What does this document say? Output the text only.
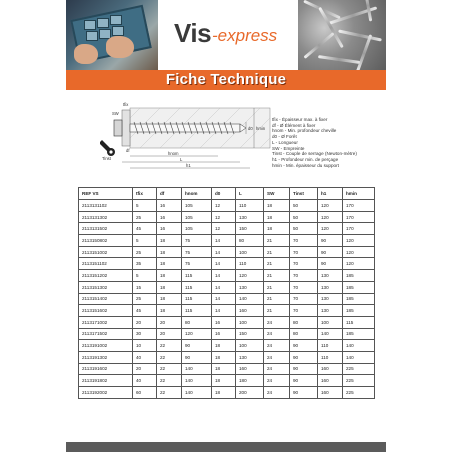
Vis -express
Fiche Technique
SW
Tinst
tfix
df
d0
L
hnom
h1
hmin
tfix - Épaisseur max. à fixer
df - Ø Élément à fixer
hnom - Min. profondeur cheville
d0 - Ø Forêt
L - Longueur
SW - Empreinte
Tinst - Couple de serrage (Newton-mètre)
h1 - Profondeur min. de perçage
hmin - Min. épaisseur du support
REF VS	tfix	df	hnom	d0	L	SW	Tinst	h1	hmin
2113131102	5	16	105	12	110	18	50	120	170
2113131302	25	16	105	12	130	18	50	120	170
2113131502	45	16	105	12	150	18	50	120	170
2113150802	5	18	75	14	80	21	70	90	120
2113151002	25	18	75	14	100	21	70	90	120
2113151102	35	18	75	14	110	21	70	90	120
2113151202	5	18	115	14	120	21	70	130	185
2113151302	15	18	115	14	130	21	70	130	185
2113151402	25	18	115	14	140	21	70	130	185
2113151602	45	18	115	14	160	21	70	130	185
2113171002	20	20	80	16	100	24	80	100	115
2113171502	30	20	120	16	150	24	80	140	185
2113191002	10	22	90	18	100	24	90	110	140
2113191302	40	22	90	18	130	24	90	110	140
2113191602	20	22	140	18	160	24	90	160	225
2113191802	40	22	140	18	180	24	90	160	225
2113192002	60	22	140	18	200	24	90	160	225
